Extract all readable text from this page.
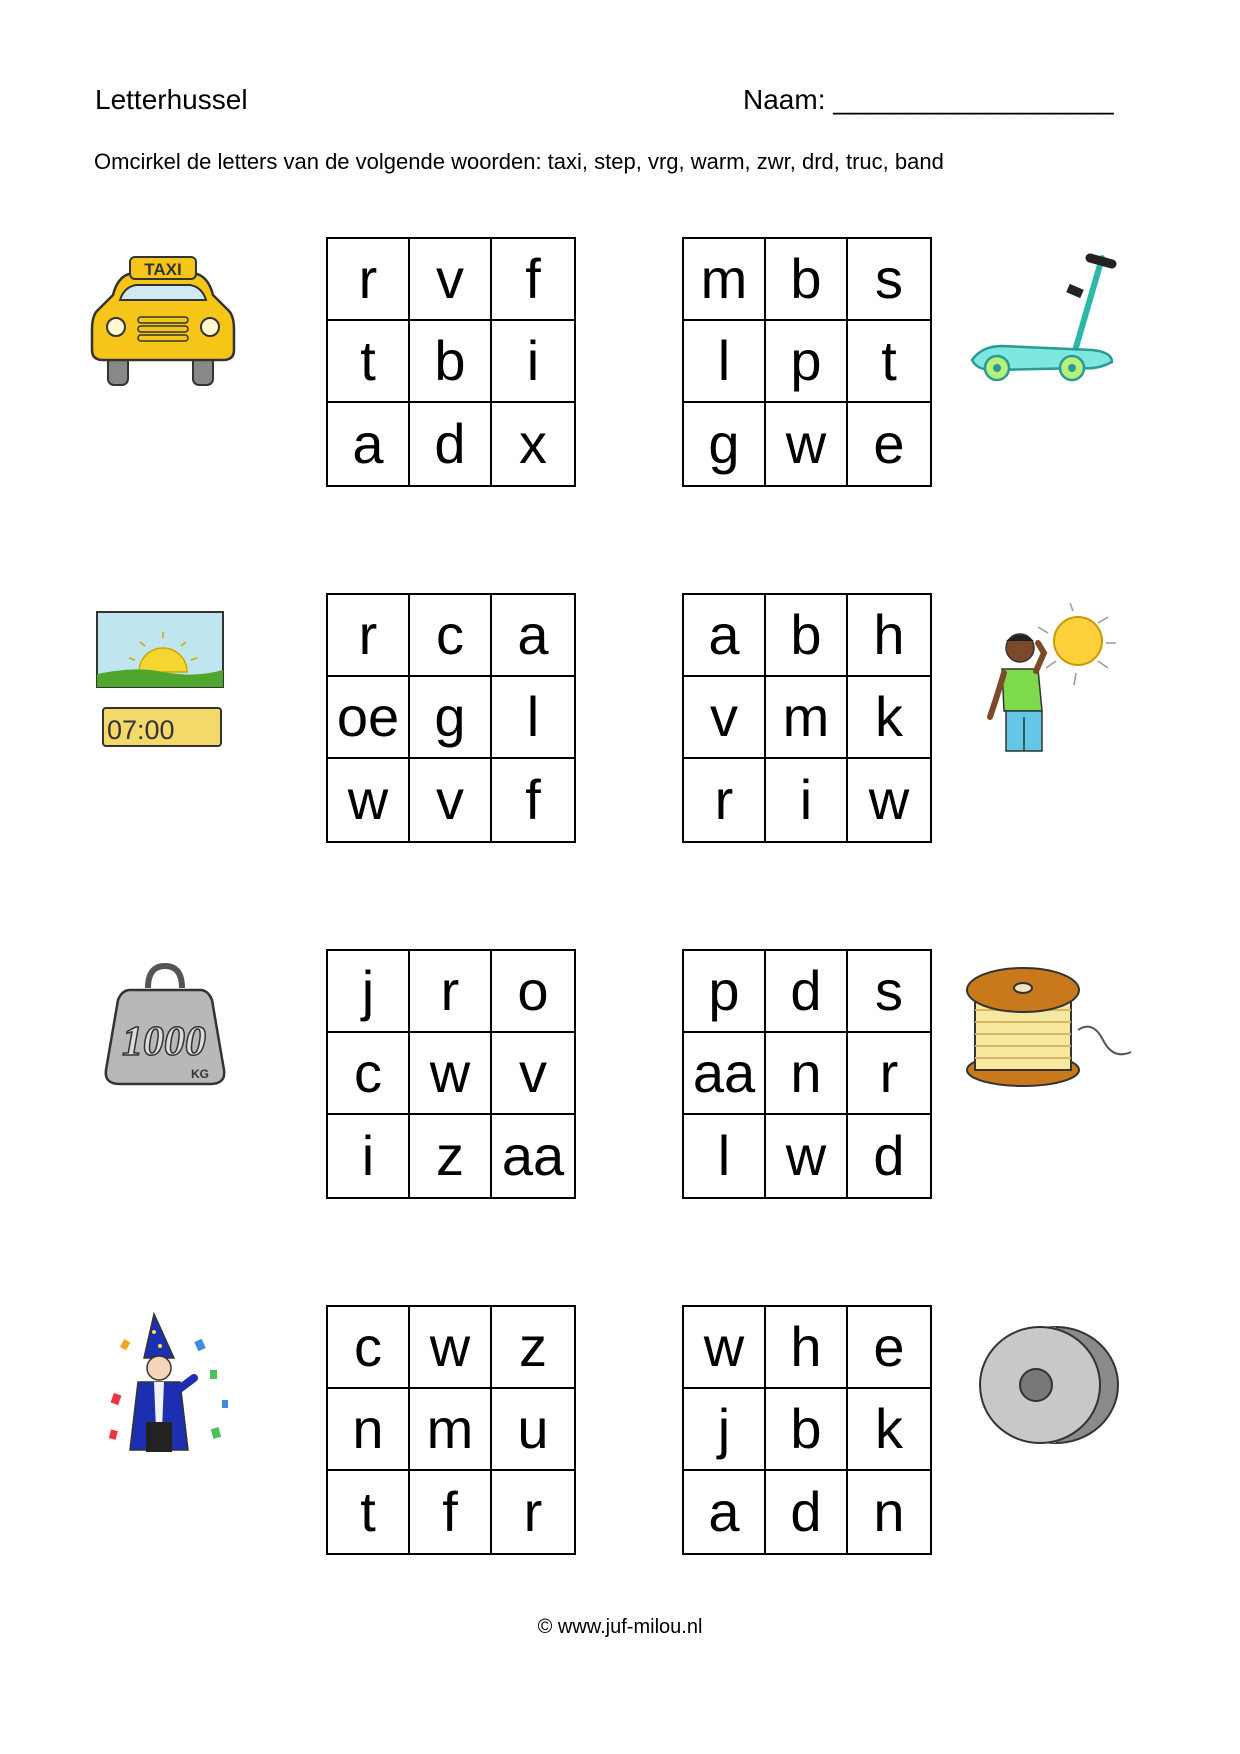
Letterhussel	Naam: __________________
Omcirkel de letters van de volgende woorden: taxi, step, vrg, warm, zwr, drd, truc, band
r	v	f
t	b	i
a d x
m b s
l	p	t
g w e
r	c a
oe g	l
w v	f
a b h
v m k
r	i	w
j	r	o
c w v
i	z aa
p d s
aa n	r
l w d
c w z
n m u
t	f	r
w h e
j	b k
a d n
TAXI
07:00
1000
KG
© www.juf-milou.nl
